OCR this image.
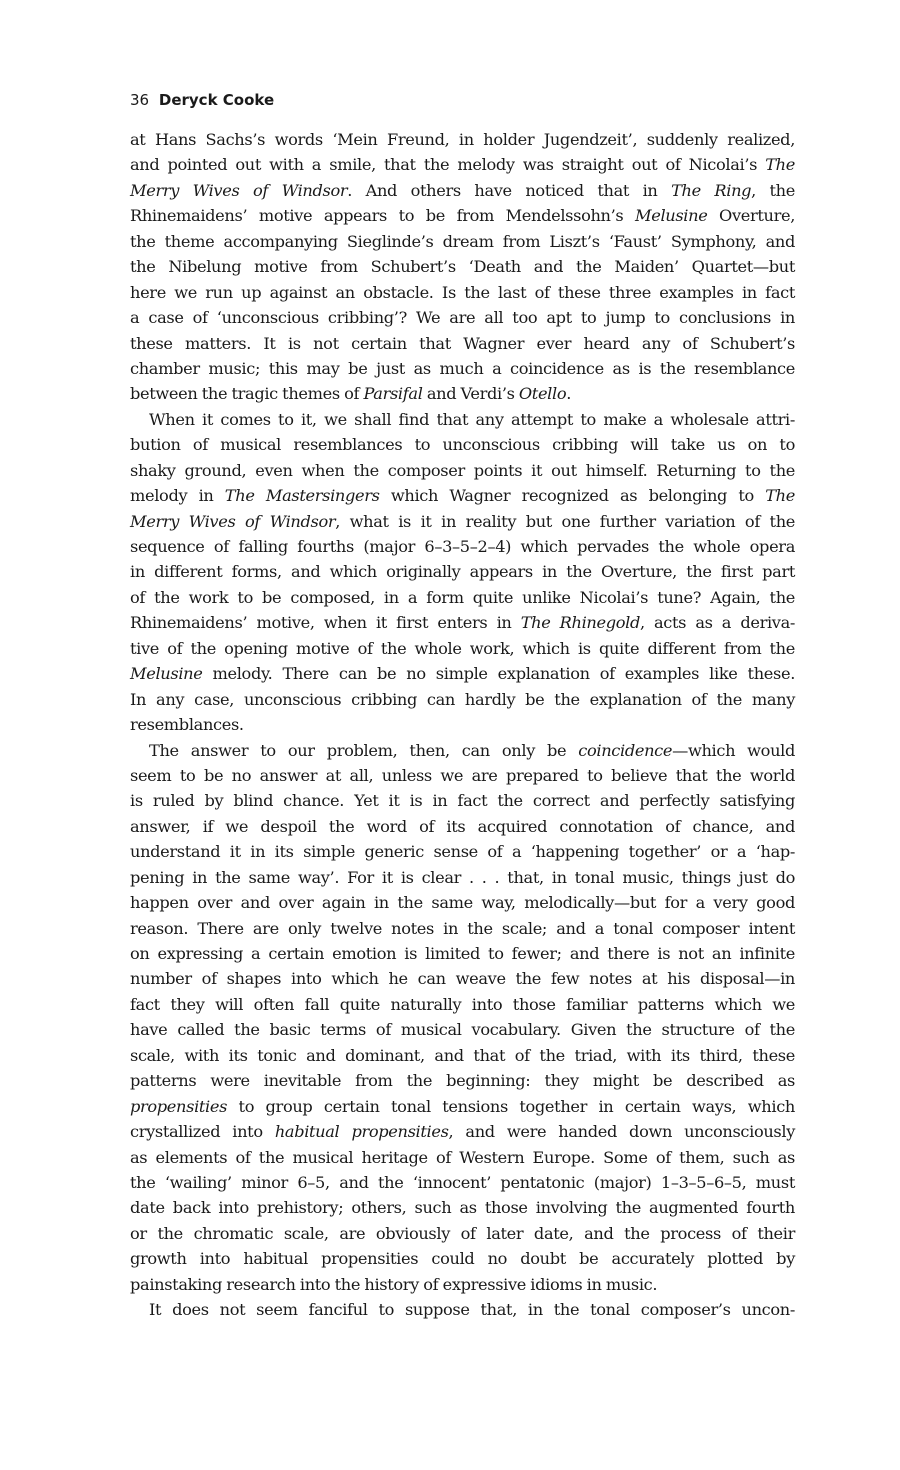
36 Deryck Cooke
at Hans Sachs’s words ‘Mein Freund, in holder Jugendzeit’, suddenly realized,
and pointed out with a smile, that the melody was straight out of Nicolai’s The
Merry Wives of Windsor. And others have noticed that in The Ring, the
Rhinemaidens’ motive appears to be from Mendelssohn’s Melusine Overture,
the theme accompanying Sieglinde’s dream from Liszt’s ‘Faust’ Symphony, and
the Nibelung motive from Schubert’s ‘Death and the Maiden’ Quartet—but
here we run up against an obstacle. Is the last of these three examples in fact
a case of ‘unconscious cribbing’? We are all too apt to jump to conclusions in
these matters. It is not certain that Wagner ever heard any of Schubert’s
chamber music; this may be just as much a coincidence as is the resemblance
between the tragic themes of Parsifal and Verdi’s Otello.
When it comes to it, we shall find that any attempt to make a wholesale attri-
bution of musical resemblances to unconscious cribbing will take us on to
shaky ground, even when the composer points it out himself. Returning to the
melody in The Mastersingers which Wagner recognized as belonging to The
Merry Wives of Windsor, what is it in reality but one further variation of the
sequence of falling fourths (major 6–3–5–2–4) which pervades the whole opera
in different forms, and which originally appears in the Overture, the first part
of the work to be composed, in a form quite unlike Nicolai’s tune? Again, the
Rhinemaidens’ motive, when it first enters in The Rhinegold, acts as a deriva-
tive of the opening motive of the whole work, which is quite different from the
Melusine melody. There can be no simple explanation of examples like these.
In any case, unconscious cribbing can hardly be the explanation of the many
resemblances.
The answer to our problem, then, can only be coincidence—which would
seem to be no answer at all, unless we are prepared to believe that the world
is ruled by blind chance. Yet it is in fact the correct and perfectly satisfying
answer, if we despoil the word of its acquired connotation of chance, and
understand it in its simple generic sense of a ‘happening together’ or a ‘hap-
pening in the same way’. For it is clear . . . that, in tonal music, things just do
happen over and over again in the same way, melodically—but for a very good
reason. There are only twelve notes in the scale; and a tonal composer intent
on expressing a certain emotion is limited to fewer; and there is not an infinite
number of shapes into which he can weave the few notes at his disposal—in
fact they will often fall quite naturally into those familiar patterns which we
have called the basic terms of musical vocabulary. Given the structure of the
scale, with its tonic and dominant, and that of the triad, with its third, these
patterns were inevitable from the beginning: they might be described as
propensities to group certain tonal tensions together in certain ways, which
crystallized into habitual propensities, and were handed down unconsciously
as elements of the musical heritage of Western Europe. Some of them, such as
the ‘wailing’ minor 6–5, and the ‘innocent’ pentatonic (major) 1–3–5–6–5, must
date back into prehistory; others, such as those involving the augmented fourth
or the chromatic scale, are obviously of later date, and the process of their
growth into habitual propensities could no doubt be accurately plotted by
painstaking research into the history of expressive idioms in music.
It does not seem fanciful to suppose that, in the tonal composer’s uncon-
